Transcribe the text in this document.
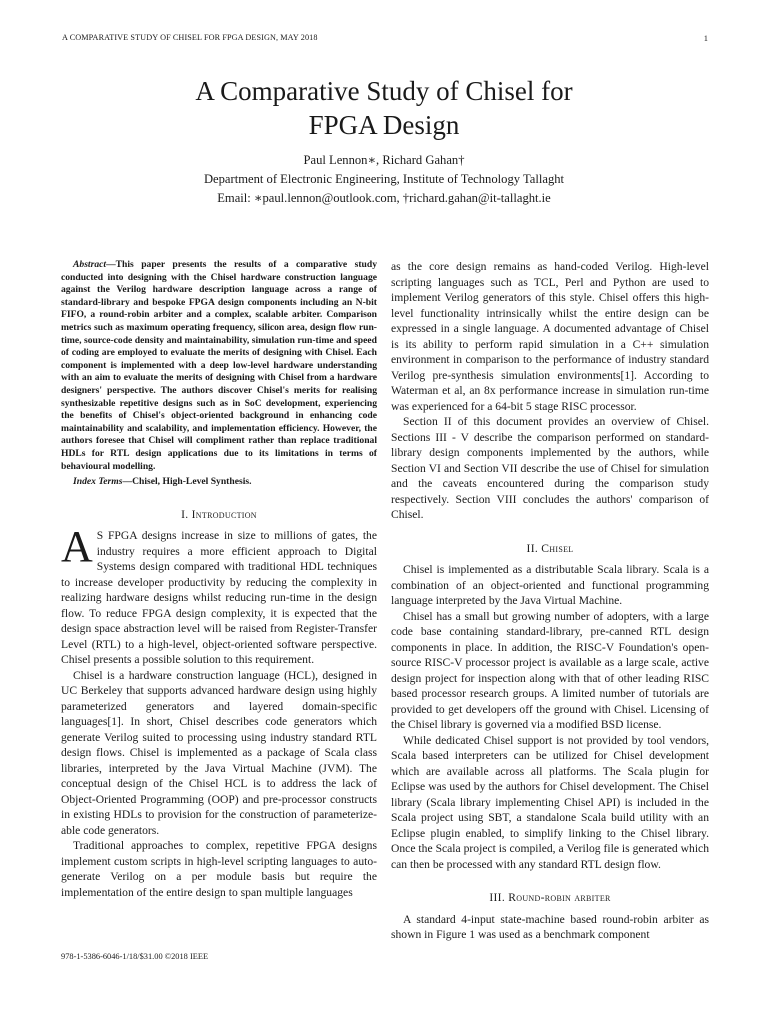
A COMPARATIVE STUDY OF CHISEL FOR FPGA DESIGN, MAY 2018	1
A Comparative Study of Chisel for
FPGA Design
Paul Lennon∗, Richard Gahan†
Department of Electronic Engineering, Institute of Technology Tallaght
Email: ∗paul.lennon@outlook.com, †richard.gahan@it-tallaght.ie
Abstract—This paper presents the results of a comparative study conducted into designing with the Chisel hardware construction language against the Verilog hardware description language across a range of standard-library and bespoke FPGA design components including an N-bit FIFO, a round-robin arbiter and a complex, scalable arbiter. Comparison metrics such as maximum operating frequency, silicon area, design flow run-time, source-code density and maintainability, simulation run-time and speed of coding are employed to evaluate the merits of designing with Chisel. Each component is implemented with a deep low-level hardware understanding with an aim to evaluate the merits of designing with Chisel from a hardware designers' perspective. The authors discover Chisel's merits for realising synthesizable repetitive designs such as in SoC development, experiencing the benefits of Chisel's object-oriented background in enhancing code maintainability and scalability, and implementation efficiency. However, the authors foresee that Chisel will compliment rather than replace traditional HDLs for RTL design applications due to its limitations in terms of behavioural modelling.
Index Terms—Chisel, High-Level Synthesis.
I. Introduction

A S FPGA designs increase in size to millions of gates, the industry requires a more efficient approach to Digital Systems design compared with traditional HDL techniques to increase developer productivity by reducing the complexity in realizing hardware designs whilst reducing run-time in the design flow. To reduce FPGA design complexity, it is expected that the design space abstraction level will be raised from Register-Transfer Level (RTL) to a high-level, object-oriented software perspective. Chisel presents a possible solution to this requirement.

Chisel is a hardware construction language (HCL), designed in UC Berkeley that supports advanced hardware design using highly parameterized generators and layered domain-specific languages[1]. In short, Chisel describes code generators which generate Verilog suited to processing using industry standard RTL design flows. Chisel is implemented as a package of Scala class libraries, interpreted by the Java Virtual Machine (JVM). The conceptual design of the Chisel HCL is to address the lack of Object-Oriented Programming (OOP) and pre-processor constructs in existing HDLs to provision for the construction of parameterize-able code generators.

Traditional approaches to complex, repetitive FPGA designs implement custom scripts in high-level scripting languages to auto-generate Verilog on a per module basis but require the implementation of the entire design to span multiple languages

as the core design remains as hand-coded Verilog. High-level scripting languages such as TCL, Perl and Python are used to implement Verilog generators of this style. Chisel offers this high-level functionality intrinsically whilst the entire design can be expressed in a single language. A documented advantage of Chisel is its ability to perform rapid simulation in a C++ simulation environment in comparison to the performance of industry standard Verilog pre-synthesis simulation environments[1]. According to Waterman et al, an 8x performance increase in simulation run-time was experienced for a 64-bit 5 stage RISC processor.

Section II of this document provides an overview of Chisel. Sections III - V describe the comparison performed on standard-library design components implemented by the authors, while Section VI and Section VII describe the use of Chisel for simulation and the caveats encountered during the comparison study respectively. Section VIII concludes the authors' comparison of Chisel.

II. Chisel

Chisel is implemented as a distributable Scala library. Scala is a combination of an object-oriented and functional programming language interpreted by the Java Virtual Machine.

Chisel has a small but growing number of adopters, with a large code base containing standard-library, pre-canned RTL design components in place. In addition, the RISC-V Foundation's open-source RISC-V processor project is available as a large scale, active design project for inspection along with that of other leading RISC based processor research groups. A limited number of tutorials are provided to get developers off the ground with Chisel. Licensing of the Chisel library is governed via a modified BSD license.

While dedicated Chisel support is not provided by tool vendors, Scala based interpreters can be utilized for Chisel development which are available across all platforms. The Scala plugin for Eclipse was used by the authors for Chisel development. The Chisel library (Scala library implementing Chisel API) is included in the Scala project using SBT, a standalone Scala build utility with an Eclipse plugin enabled, to simplify linking to the Chisel library. Once the Scala project is compiled, a Verilog file is generated which can then be processed with any standard RTL design flow.

III. Round-robin arbiter

A standard 4-input state-machine based round-robin arbiter as shown in Figure 1 was used as a benchmark component

978-1-5386-6046-1/18/$31.00 ©2018 IEEE
